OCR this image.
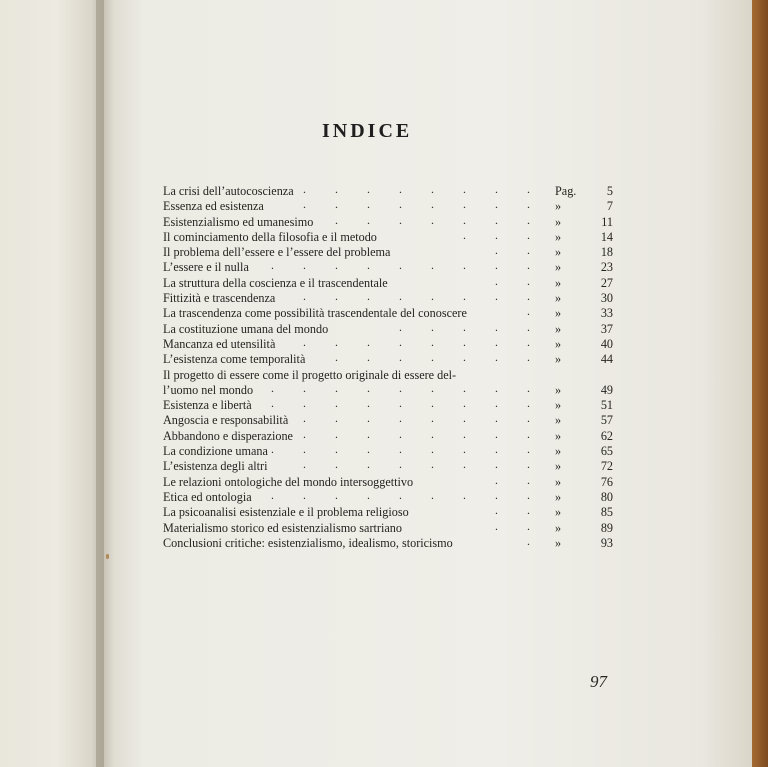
INDICE
La crisi dell’autocoscienza . . . . . . . . Pag.	5
Essenza ed esistenza	. . . . . . . . »	7
Esistenzialismo ed umanesimo . . . . . . . »	11
Il cominciamento della filosofia e il metodo	. . . »	14
Il problema dell’essere e l’essere del problema	. . »	18
L’essere e il nulla . . . . . . . . . »	23
La struttura della coscienza e il trascendentale	. . »	27
Fittizità e trascendenza . . . . . . . . »	30
La trascendenza come possibilità trascendentale del conoscere	. »	33
La costituzione umana del mondo	. . . . . »	37
Mancanza ed utensilità . . . . . . . . »	40
L’esistenza come temporalità . . . . . . . »	44
Il progetto di essere come il progetto originale di essere del-
l’uomo nel mondo . . . . . . . . . »	49
Esistenza e libertà . . . . . . . . . »	51
Angoscia e responsabilità . . . . . . . . »	57
Abbandono e disperazione . . . . . . . . »	62
La condizione umana . . . . . . . . . »	65
L’esistenza degli altri	. . . . . . . . »	72
Le relazioni ontologiche del mondo intersoggettivo	. . »	76
Etica ed ontologia . . . . . . . . . »	80
La psicoanalisi esistenziale e il problema religioso	. . »	85
Materialismo storico ed esistenzialismo sartriano	. . »	89
Conclusioni critiche: esistenzialismo, idealismo, storicismo	. »	93
97
